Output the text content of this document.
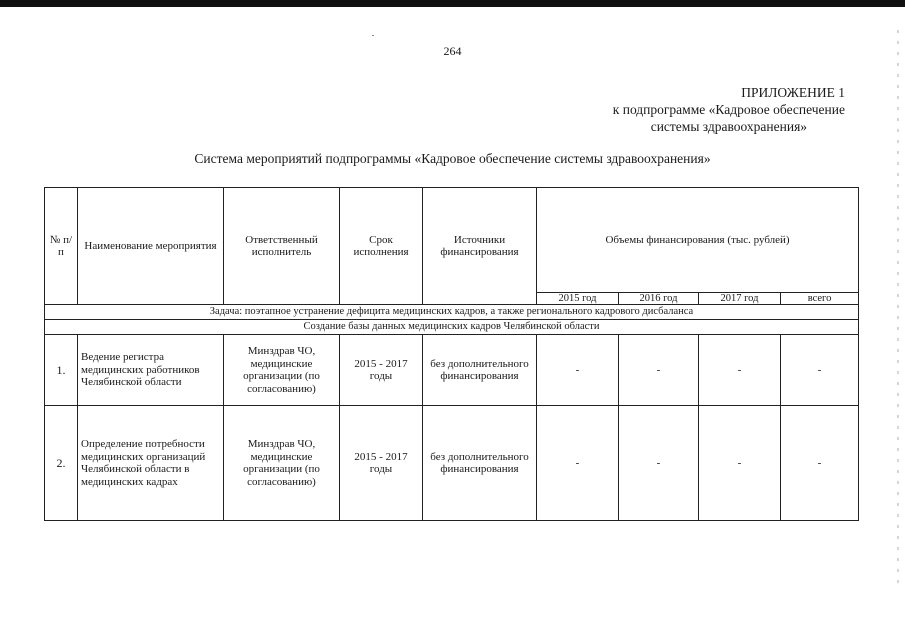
264
ПРИЛОЖЕНИЕ 1
к подпрограмме «Кадровое обеспечение
системы здравоохранения»
Система мероприятий подпрограммы «Кадровое обеспечение системы здравоохранения»
№ п/п	Наименование мероприятия	Ответственный исполнитель	Срок исполнения	Источники финансирования	Объемы финансирования (тыс. рублей)			
					2015 год	2016 год	2017 год	всего
Задача: поэтапное устранение дефицита медицинских кадров, а также регионального кадрового дисбаланса								
Создание базы данных медицинских кадров Челябинской области								
1.	Ведение регистра медицинских работников Челябинской области	Минздрав ЧО, медицинские организации (по согласованию)	2015 - 2017 годы	без дополнительного финансирования	-	-	-	-
2.	Определение потребности медицинских организаций Челябинской области в медицинских кадрах	Минздрав ЧО, медицинские организации (по согласованию)	2015 - 2017 годы	без дополнительного финансирования	-	-	-	-
